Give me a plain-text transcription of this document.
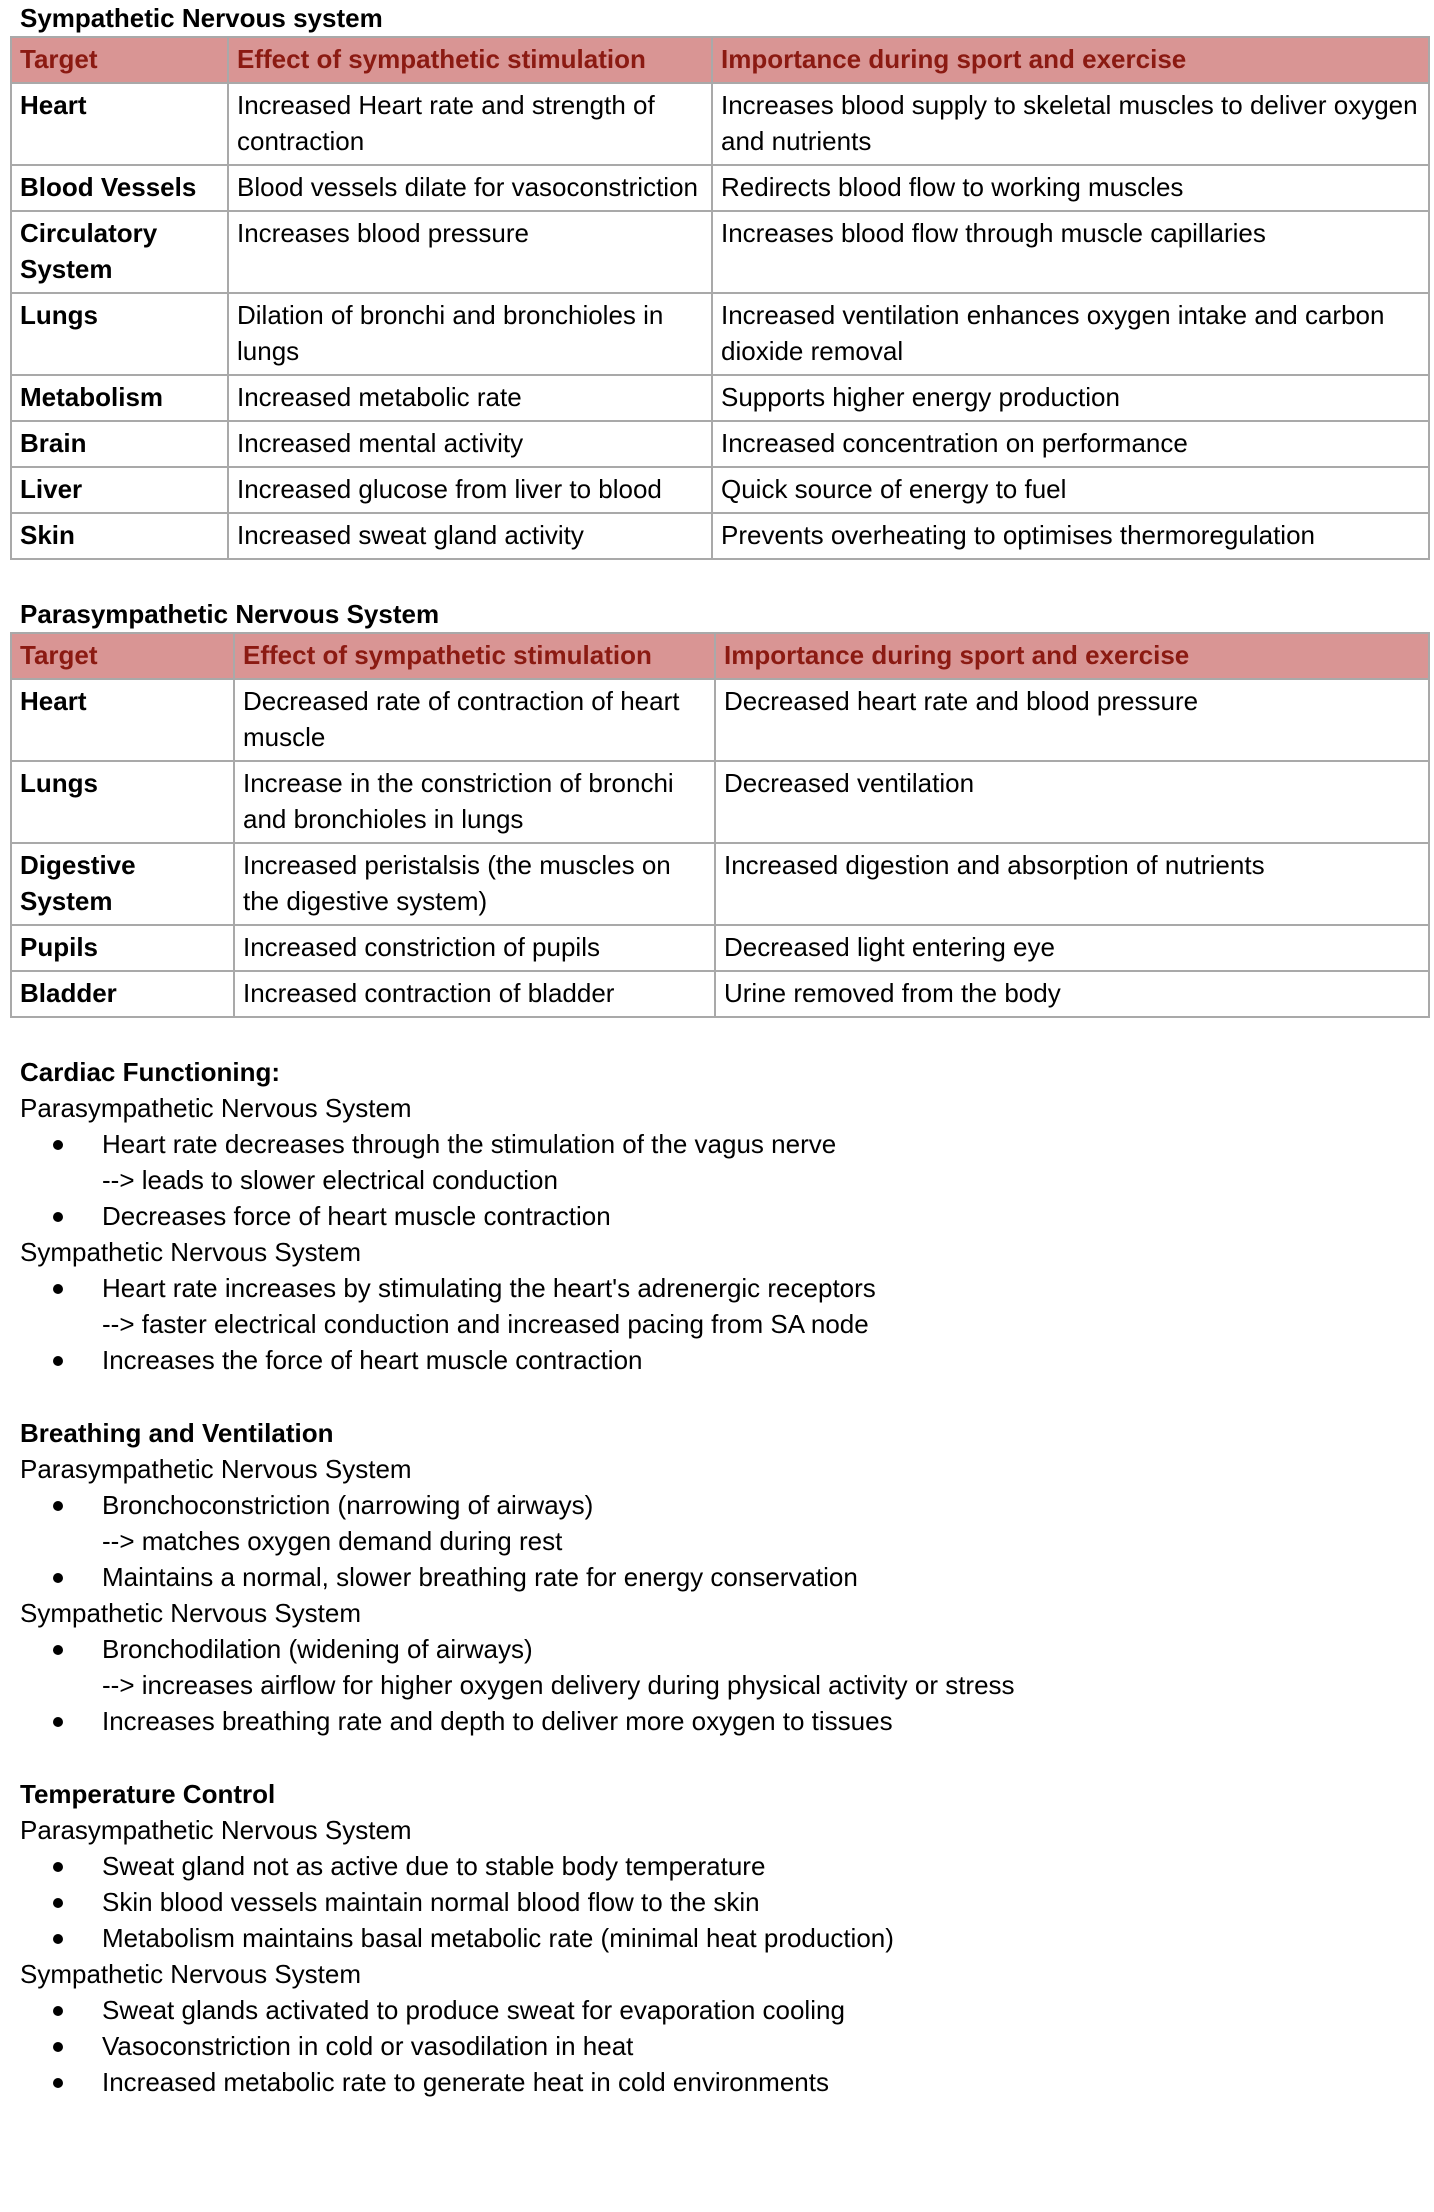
Sympathetic Nervous system
Target	Effect of sympathetic stimulation	Importance during sport and exercise
Heart	Increased Heart rate and strength of contraction	Increases blood supply to skeletal muscles to deliver oxygen and nutrients
Blood Vessels	Blood vessels dilate for vasoconstriction	Redirects blood flow to working muscles
Circulatory System	Increases blood pressure	Increases blood flow through muscle capillaries
Lungs	Dilation of bronchi and bronchioles in lungs	Increased ventilation enhances oxygen intake and carbon dioxide removal
Metabolism	Increased metabolic rate	Supports higher energy production
Brain	Increased mental activity	Increased concentration on performance
Liver	Increased glucose from liver to blood	Quick source of energy to fuel
Skin	Increased sweat gland activity	Prevents overheating to optimises thermoregulation
Parasympathetic Nervous System
Target	Effect of sympathetic stimulation	Importance during sport and exercise
Heart	Decreased rate of contraction of heart muscle	Decreased heart rate and blood pressure
Lungs	Increase in the constriction of bronchi and bronchioles in lungs	Decreased ventilation
Digestive System	Increased peristalsis (the muscles on the digestive system)	Increased digestion and absorption of nutrients
Pupils	Increased constriction of pupils	Decreased light entering eye
Bladder	Increased contraction of bladder	Urine removed from the body
Cardiac Functioning:
Parasympathetic Nervous System
Heart rate decreases through the stimulation of the vagus nerve
--> leads to slower electrical conduction
Decreases force of heart muscle contraction
Sympathetic Nervous System
Heart rate increases by stimulating the heart's adrenergic receptors
--> faster electrical conduction and increased pacing from SA node
Increases the force of heart muscle contraction
Breathing and Ventilation
Parasympathetic Nervous System
Bronchoconstriction (narrowing of airways)
--> matches oxygen demand during rest
Maintains a normal, slower breathing rate for energy conservation
Sympathetic Nervous System
Bronchodilation (widening of airways)
--> increases airflow for higher oxygen delivery during physical activity or stress
Increases breathing rate and depth to deliver more oxygen to tissues
Temperature Control
Parasympathetic Nervous System
Sweat gland not as active due to stable body temperature
Skin blood vessels maintain normal blood flow to the skin
Metabolism maintains basal metabolic rate (minimal heat production)
Sympathetic Nervous System
Sweat glands activated to produce sweat for evaporation cooling
Vasoconstriction in cold or vasodilation in heat
Increased metabolic rate to generate heat in cold environments
